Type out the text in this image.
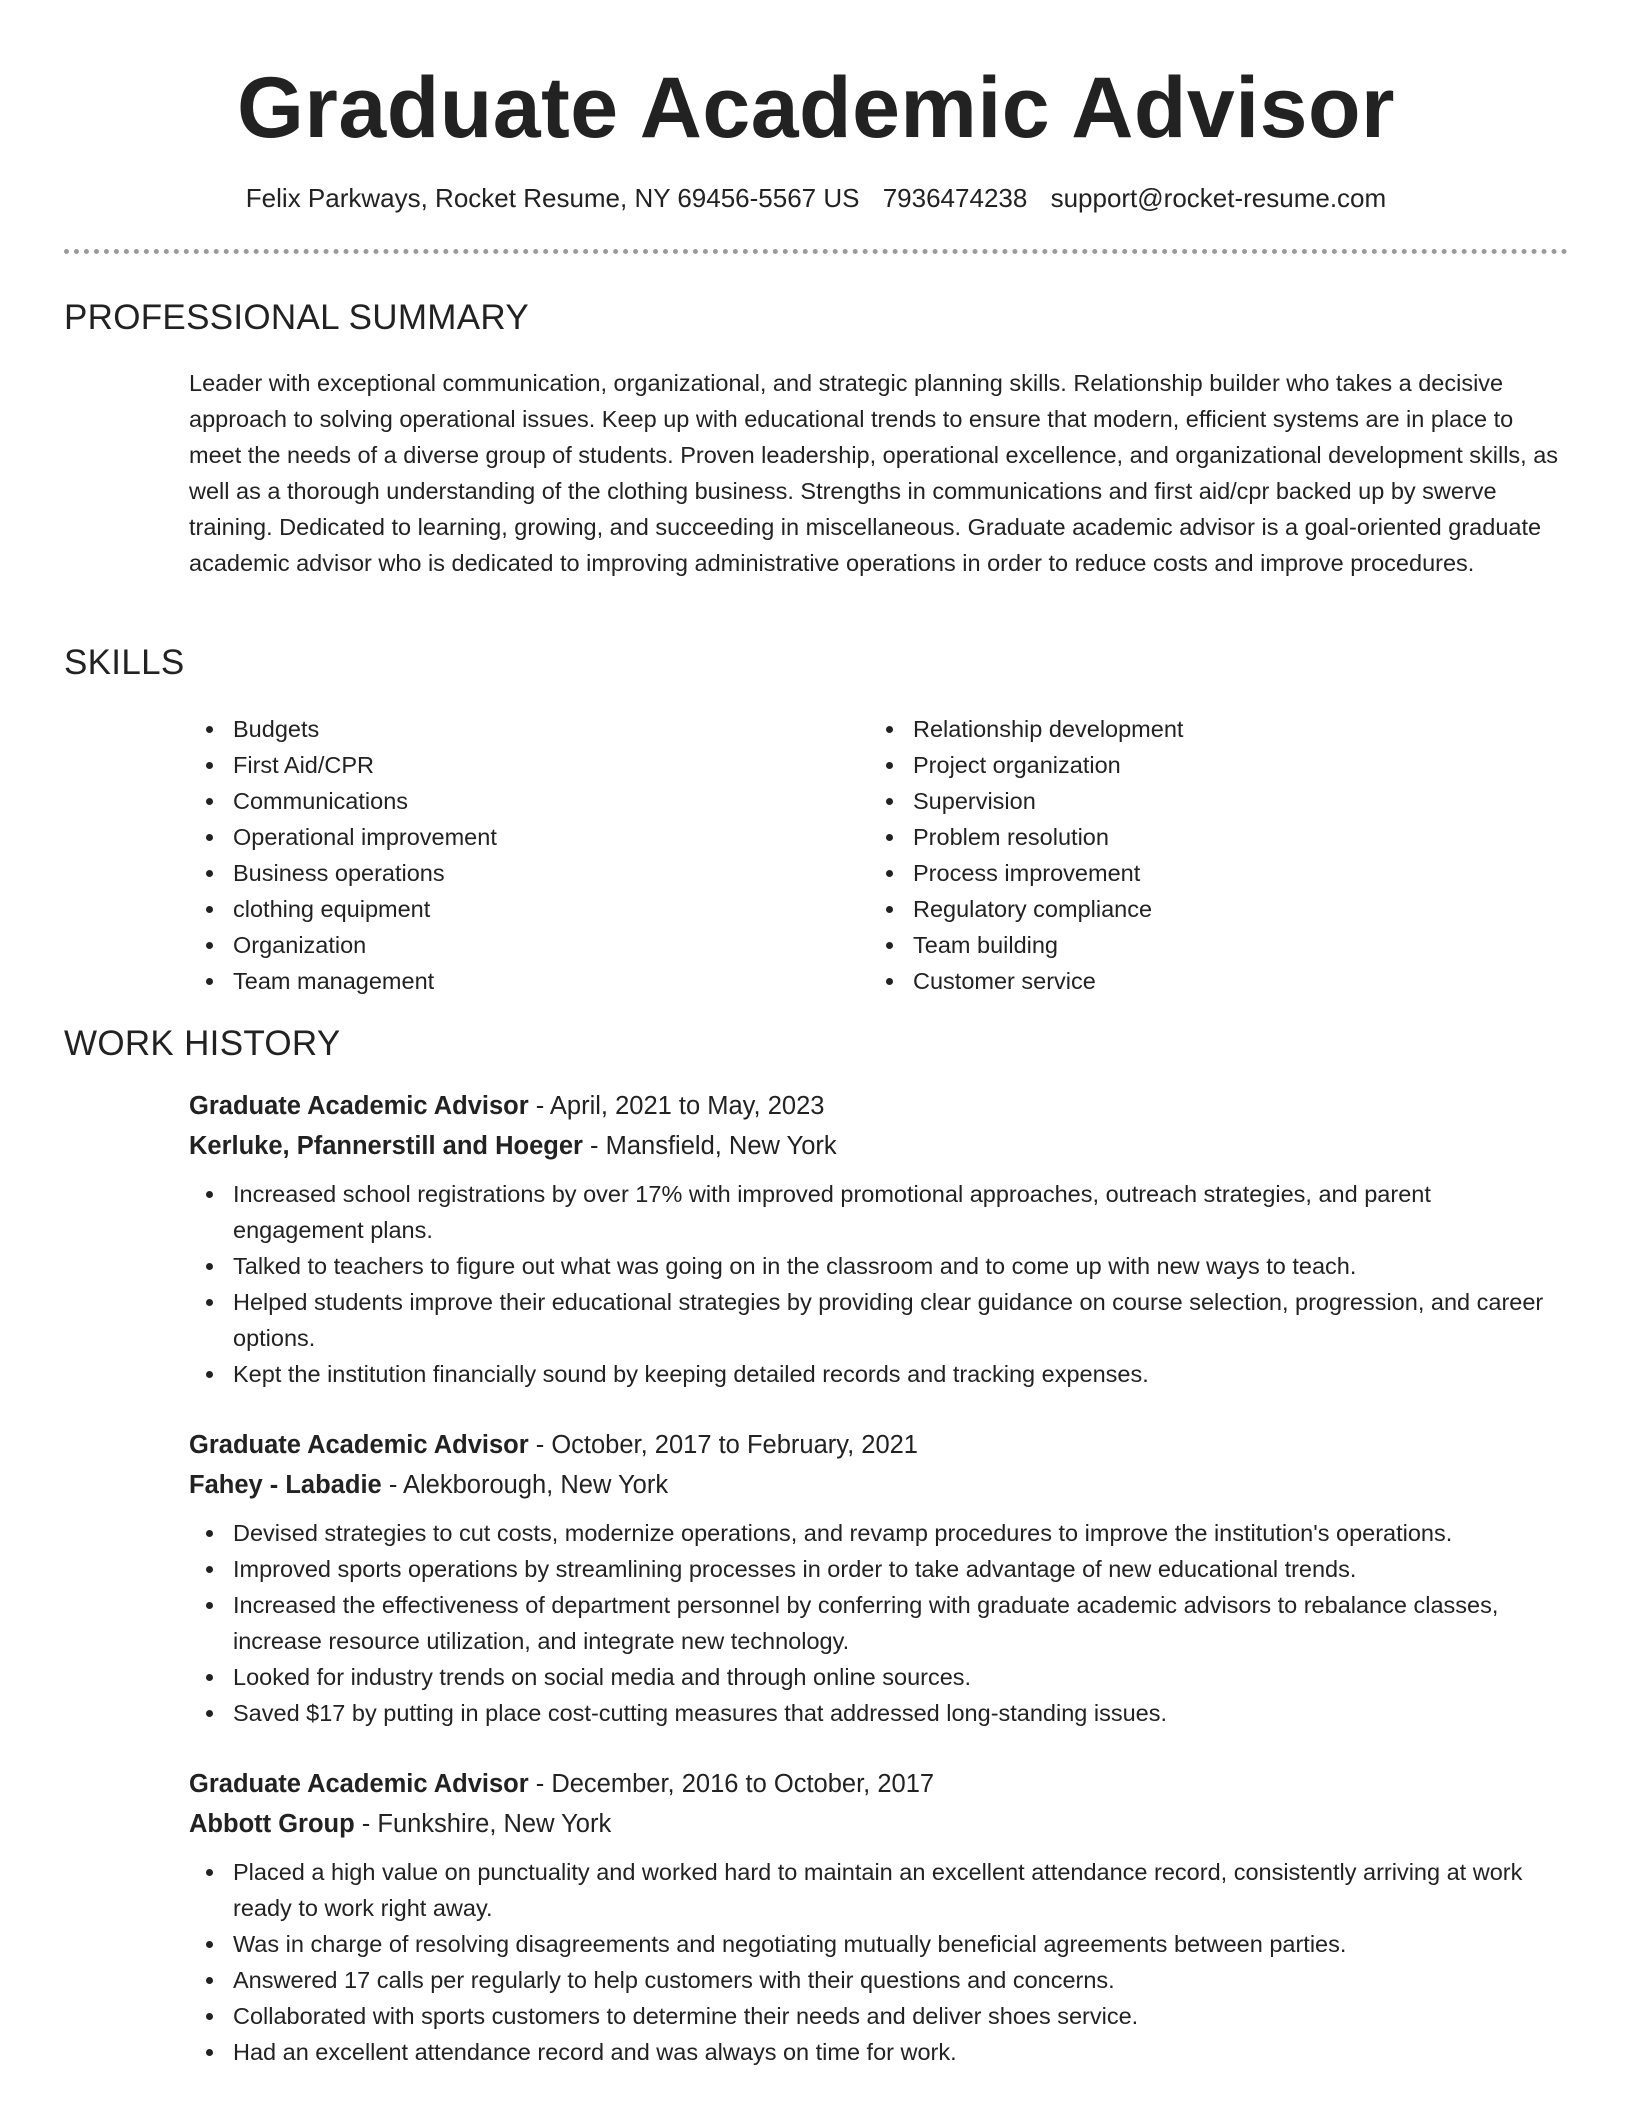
Graduate Academic Advisor
Felix Parkways, Rocket Resume, NY 69456-5567 US 7936474238 support@rocket-resume.com
PROFESSIONAL SUMMARY

Leader with exceptional communication, organizational, and strategic planning skills. Relationship builder who takes a decisive approach to solving operational issues. Keep up with educational trends to ensure that modern, efficient systems are in place to meet the needs of a diverse group of students. Proven leadership, operational excellence, and organizational development skills, as well as a thorough understanding of the clothing business. Strengths in communications and first aid/cpr backed up by swerve training. Dedicated to learning, growing, and succeeding in miscellaneous. Graduate academic advisor is a goal-oriented graduate academic advisor who is dedicated to improving administrative operations in order to reduce costs and improve procedures.

SKILLS
Budgets
First Aid/CPR
Communications
Operational improvement
Business operations
clothing equipment
Organization
Team management
Relationship development
Project organization
Supervision
Problem resolution
Process improvement
Regulatory compliance
Team building
Customer service
WORK HISTORY

Graduate Academic Advisor - April, 2021 to May, 2023

Kerluke, Pfannerstill and Hoeger - Mansfield, New York

Increased school registrations by over 17% with improved promotional approaches, outreach strategies, and parent engagement plans.
Talked to teachers to figure out what was going on in the classroom and to come up with new ways to teach.
Helped students improve their educational strategies by providing clear guidance on course selection, progression, and career options.
Kept the institution financially sound by keeping detailed records and tracking expenses.

Graduate Academic Advisor - October, 2017 to February, 2021

Fahey - Labadie - Alekborough, New York

Devised strategies to cut costs, modernize operations, and revamp procedures to improve the institution's operations.
Improved sports operations by streamlining processes in order to take advantage of new educational trends.
Increased the effectiveness of department personnel by conferring with graduate academic advisors to rebalance classes, increase resource utilization, and integrate new technology.
Looked for industry trends on social media and through online sources.
Saved $17 by putting in place cost-cutting measures that addressed long-standing issues.

Graduate Academic Advisor - December, 2016 to October, 2017

Abbott Group - Funkshire, New York

Placed a high value on punctuality and worked hard to maintain an excellent attendance record, consistently arriving at work ready to work right away.
Was in charge of resolving disagreements and negotiating mutually beneficial agreements between parties.
Answered 17 calls per regularly to help customers with their questions and concerns.
Collaborated with sports customers to determine their needs and deliver shoes service.
Had an excellent attendance record and was always on time for work.
